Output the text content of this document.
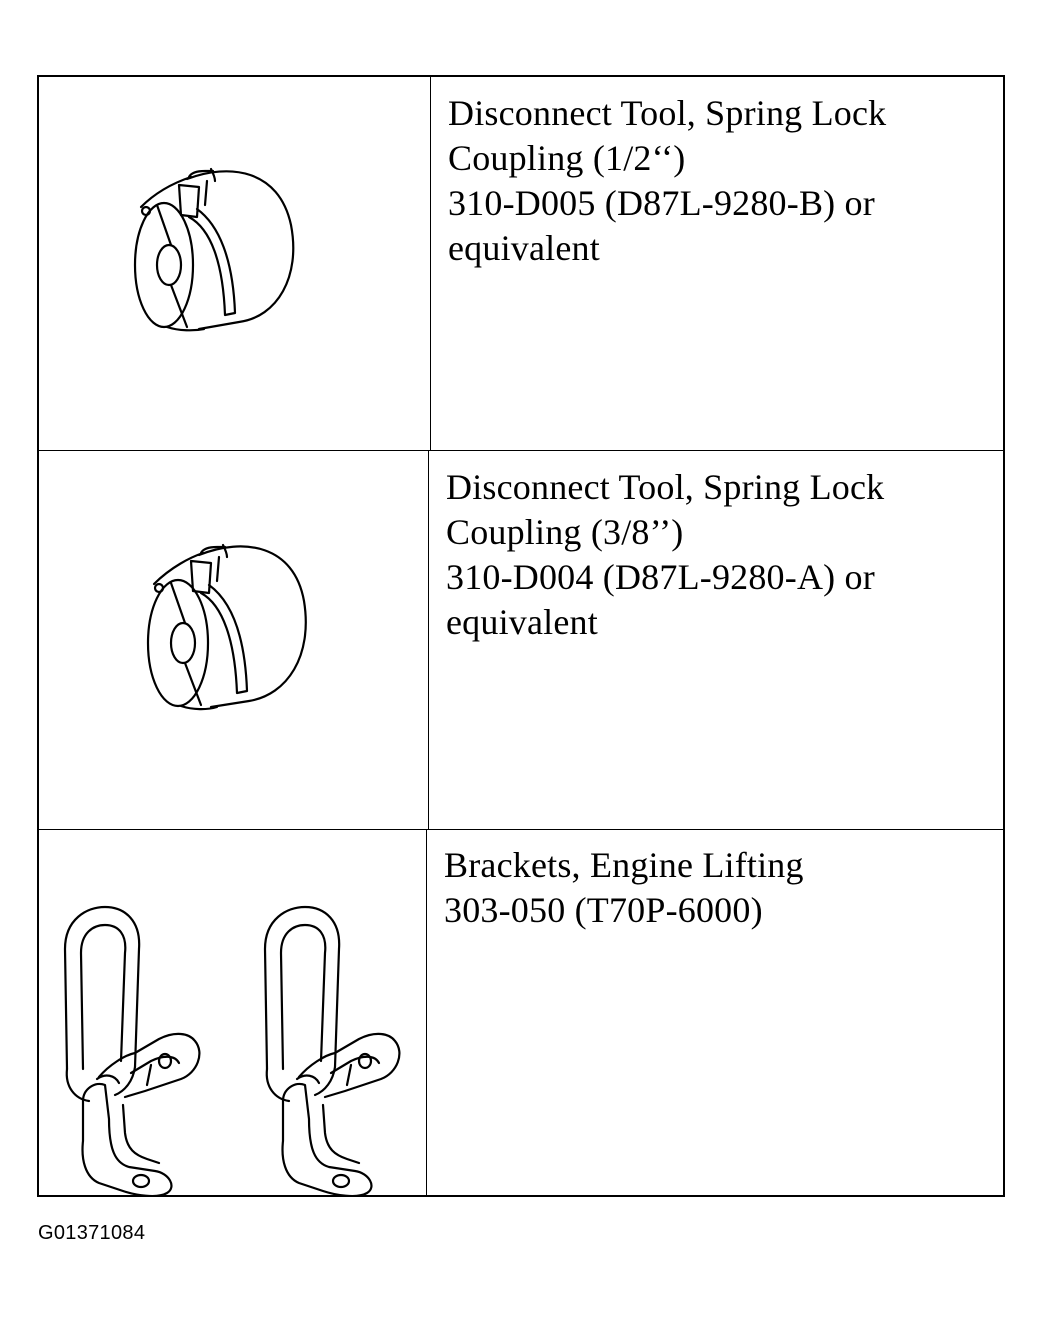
Disconnect Tool, Spring Lock
Coupling (1/2‘‘)
310-D005 (D87L-9280-B) or
equivalent
Disconnect Tool, Spring Lock
Coupling (3/8’’)
310-D004 (D87L-9280-A) or
equivalent
Brackets, Engine Lifting
303-050 (T70P-6000)
G01371084
